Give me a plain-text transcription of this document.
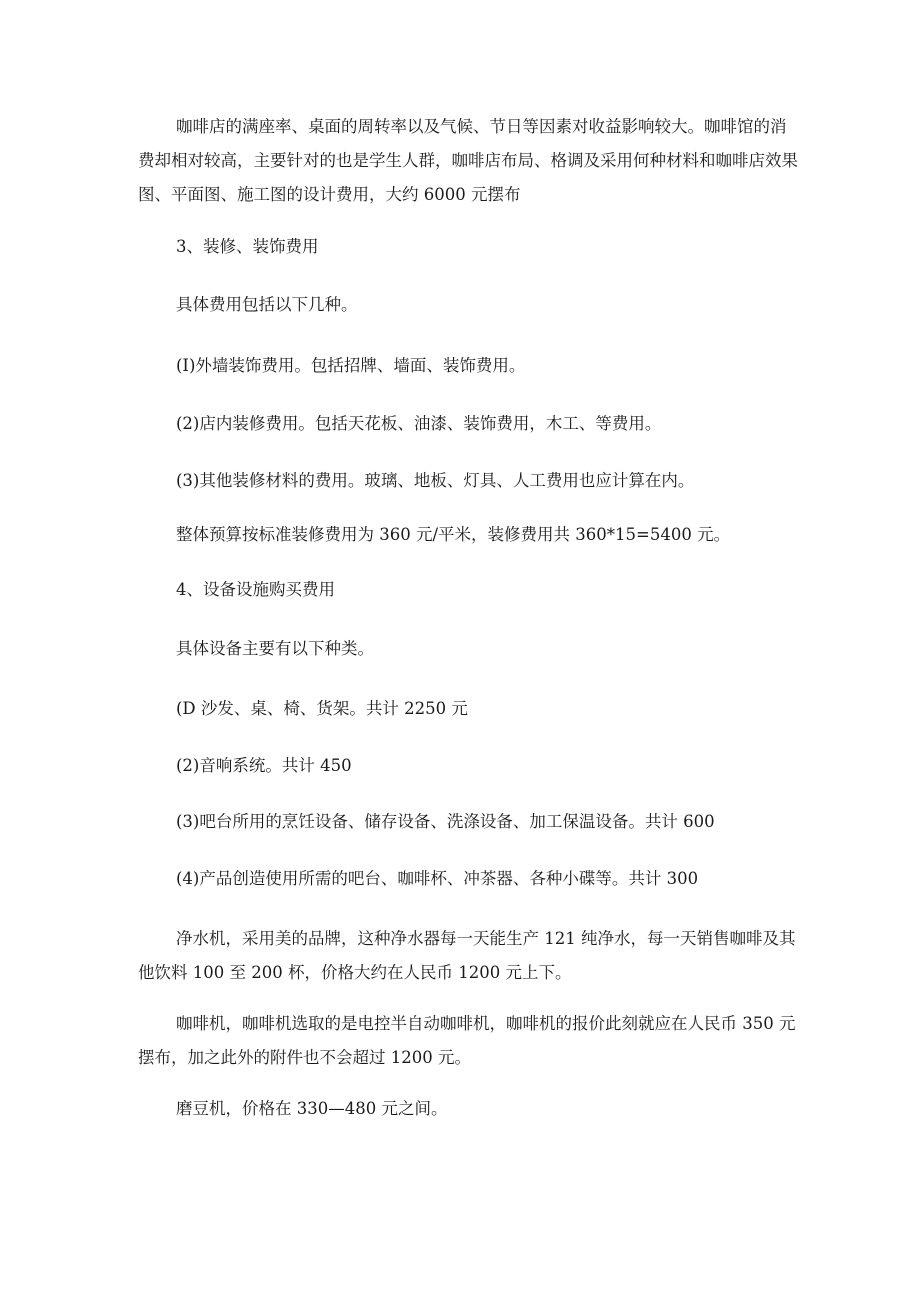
咖啡店的满座率、桌面的周转率以及气候、节日等因素对收益影响较大。咖啡馆的消费却相对较高，主要针对的也是学生人群，咖啡店布局、格调及采用何种材料和咖啡店效果图、平面图、施工图的设计费用，大约 6000 元摆布

3、装修、装饰费用

具体费用包括以下几种。

(I)外墙装饰费用。包括招牌、墙面、装饰费用。

(2)店内装修费用。包括天花板、油漆、装饰费用，木工、等费用。

(3)其他装修材料的费用。玻璃、地板、灯具、人工费用也应计算在内。

整体预算按标准装修费用为 360 元/平米，装修费用共 360*15=5400 元。

4、设备设施购买费用

具体设备主要有以下种类。

(D 沙发、桌、椅、货架。共计 2250 元

(2)音响系统。共计 450

(3)吧台所用的烹饪设备、储存设备、洗涤设备、加工保温设备。共计 600

(4)产品创造使用所需的吧台、咖啡杯、冲茶器、各种小碟等。共计 300

净水机，采用美的品牌，这种净水器每一天能生产 121 纯净水，每一天销售咖啡及其他饮料 100 至 200 杯，价格大约在人民币 1200 元上下。

咖啡机，咖啡机选取的是电控半自动咖啡机，咖啡机的报价此刻就应在人民币 350 元摆布，加之此外的附件也不会超过 1200 元。

磨豆机，价格在 330—480 元之间。
